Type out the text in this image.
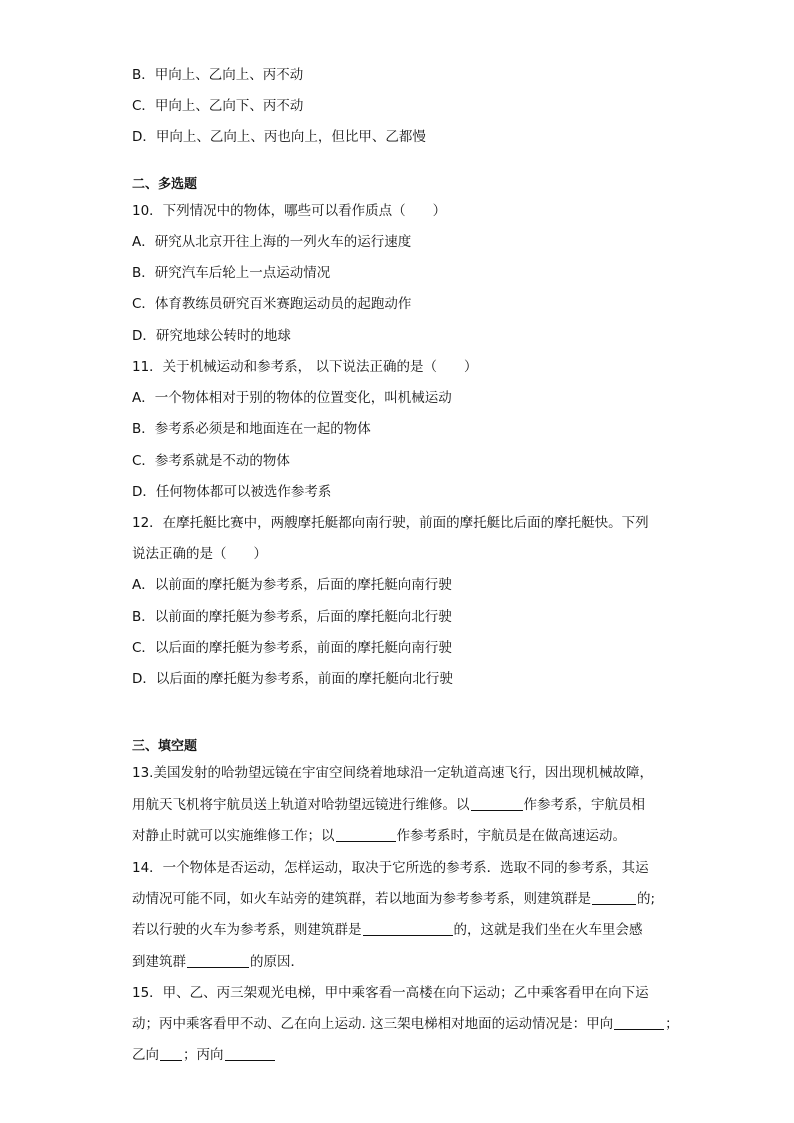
B．甲向上、乙向上、丙不动
C．甲向上、乙向下、丙不动
D．甲向上、乙向上、丙也向上，但比甲、乙都慢
二、多选题
10．下列情况中的物体，哪些可以看作质点（　　）
A．研究从北京开往上海的一列火车的运行速度
B．研究汽车后轮上一点运动情况
C．体育教练员研究百米赛跑运动员的起跑动作
D．研究地球公转时的地球
11．关于机械运动和参考系， 以下说法正确的是（　　）
A．一个物体相对于别的物体的位置变化，叫机械运动
B．参考系必须是和地面连在一起的物体
C．参考系就是不动的物体
D．任何物体都可以被选作参考系
12．在摩托艇比赛中，两艘摩托艇都向南行驶，前面的摩托艇比后面的摩托艇快。下列
说法正确的是（　　）
A．以前面的摩托艇为参考系，后面的摩托艇向南行驶
B．以前面的摩托艇为参考系，后面的摩托艇向北行驶
C．以后面的摩托艇为参考系，前面的摩托艇向南行驶
D．以后面的摩托艇为参考系，前面的摩托艇向北行驶
三、填空题
13.美国发射的哈勃望远镜在宇宙空间绕着地球沿一定轨道高速飞行，因出现机械故障，
用航天飞机将宇航员送上轨道对哈勃望远镜进行维修。以	作参考系，宇航员相
对静止时就可以实施维修工作；以	作参考系时，宇航员是在做高速运动。
14．一个物体是否运动，怎样运动，取决于它所选的参考系．选取不同的参考系，其运
动情况可能不同，如火车站旁的建筑群，若以地面为参考参考系，则建筑群是	的;
若以行驶的火车为参考系，则建筑群是	的，这就是我们坐在火车里会感
到建筑群	的原因．
15．甲、乙、丙三架观光电梯，甲中乘客看一高楼在向下运动；乙中乘客看甲在向下运
动；丙中乘客看甲不动、乙在向上运动. 这三架电梯相对地面的运动情况是：甲向	；
乙向 ；丙向
